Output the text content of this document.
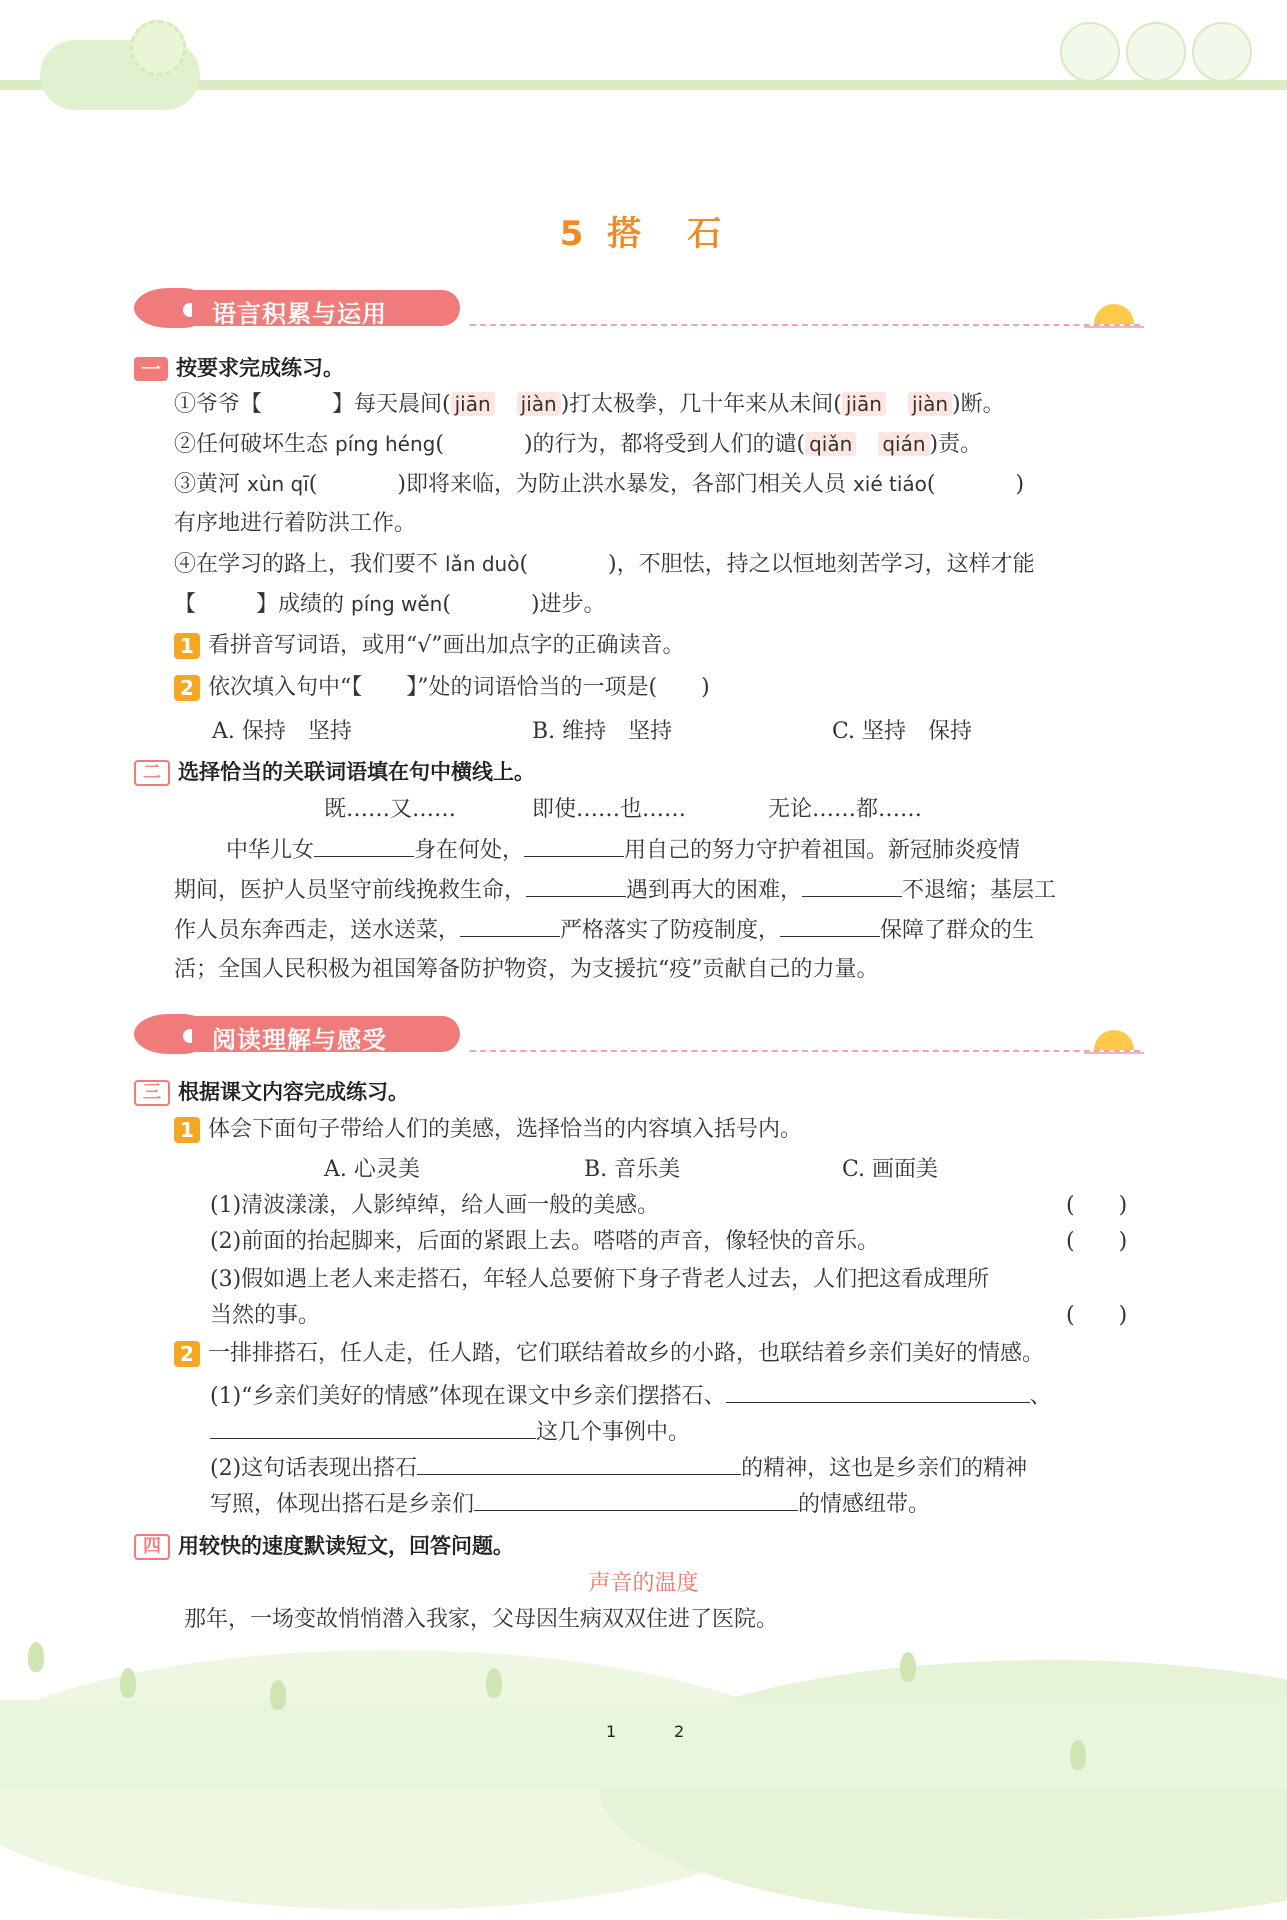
5 搭　石
语言积累与运用
一 按要求完成练习。
①爷爷【	】每天晨间( jiān　 jiàn )打太极拳，几十年来从未间( jiān　 jiàn )断。
②任何破坏生态 píng héng(	)的行为，都将受到人们的谴( qiǎn　 qián )责。
③黄河 xùn qī(	)即将来临，为防止洪水暴发，各部门相关人员 xié tiáo(	)
有序地进行着防洪工作。
④在学习的路上，我们要不 lǎn duò(	)，不胆怯，持之以恒地刻苦学习，这样才能
【	】成绩的 píng wěn(	)进步。
1 看拼音写词语，或用“√”画出加点字的正确读音。
2 依次填入句中“【　　】”处的词语恰当的一项是(　　)
A. 保持　坚持	B. 维持　坚持	C. 坚持　保持
二 选择恰当的关联词语填在句中横线上。
既……又……	即使……也……	无论……都……
中华儿女	身在何处，	用自己的努力守护着祖国。新冠肺炎疫情
期间，医护人员坚守前线挽救生命，	遇到再大的困难，	不退缩；基层工
作人员东奔西走，送水送菜，	严格落实了防疫制度，	保障了群众的生
活；全国人民积极为祖国筹备防护物资，为支援抗“疫”贡献自己的力量。
阅读理解与感受
三 根据课文内容完成练习。
1 体会下面句子带给人们的美感，选择恰当的内容填入括号内。
A. 心灵美	B. 音乐美	C. 画面美
(1)清波漾漾，人影绰绰，给人画一般的美感。	(　　)
(2)前面的抬起脚来，后面的紧跟上去。嗒嗒的声音，像轻快的音乐。	(　　)
(3)假如遇上老人来走搭石，年轻人总要俯下身子背老人过去，人们把这看成理所
当然的事。	(　　)
2 一排排搭石，任人走，任人踏，它们联结着故乡的小路，也联结着乡亲们美好的情感。
(1)“乡亲们美好的情感”体现在课文中乡亲们摆搭石、	、
这几个事例中。
(2)这句话表现出搭石	的精神，这也是乡亲们的精神
写照，体现出搭石是乡亲们	的情感纽带。
四 用较快的速度默读短文，回答问题。
声音的温度
那年，一场变故悄悄潜入我家，父母因生病双双住进了医院。
1	2
